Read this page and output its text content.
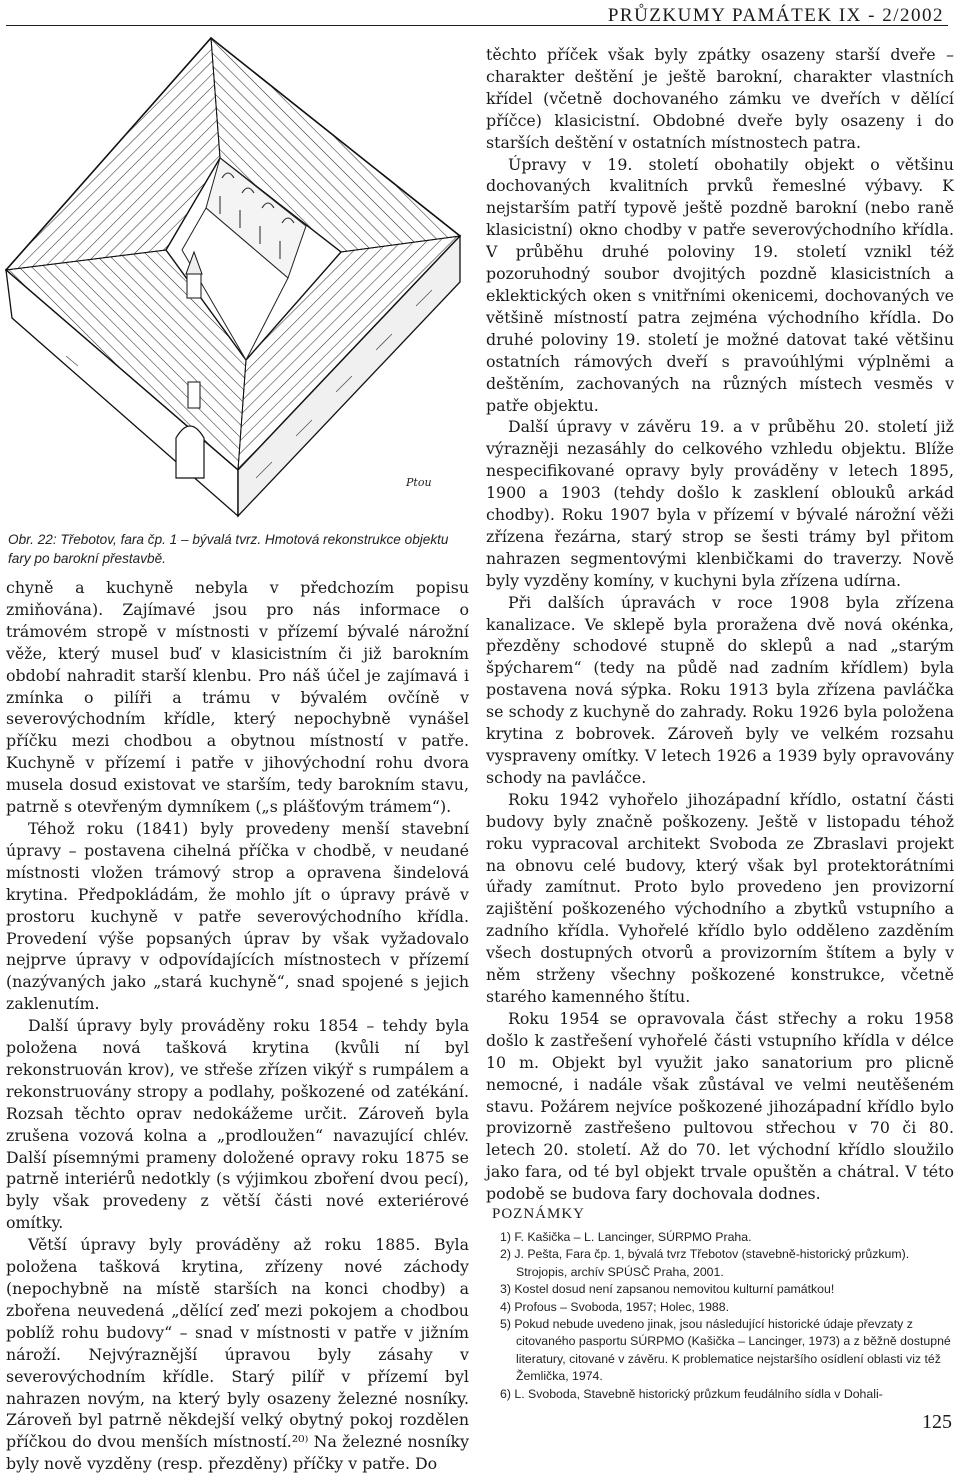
PRŮZKUMY PAMÁTEK IX - 2/2002
Ptou
Obr. 22: Třebotov, fara čp. 1 – bývalá tvrz. Hmotová rekonstrukce objektu fary po barokní přestavbě.

chyně a kuchyně nebyla v předchozím popisu zmiňována). Zajímavé jsou pro nás informace o trámovém stropě v místnosti v přízemí bývalé nárožní věže, který musel buď v klasicistním či již barokním období nahradit starší klenbu. Pro náš účel je zajímavá i zmínka o pilíři a trámu v bývalém ovčíně v severovýchodním křídle, který nepochybně vynášel příčku mezi chodbou a obytnou místností v patře. Kuchyně v přízemí i patře v jihovýchodní rohu dvora musela dosud existovat ve starším, tedy barokním stavu, patrně s otevřeným dymníkem („s plášťovým trámem“).

Téhož roku (1841) byly provedeny menší stavební úpravy – postavena cihelná příčka v chodbě, v neudané místnosti vložen trámový strop a opravena šindelová krytina. Předpokládám, že mohlo jít o úpravy právě v prostoru kuchyně v patře severovýchodního křídla. Provedení výše popsaných úprav by však vyžadovalo nejprve úpravy v odpovídajících místnostech v přízemí (nazývaných jako „stará kuchyně“, snad spojené s jejich zaklenutím.

Další úpravy byly prováděny roku 1854 – tehdy byla položena nová tašková krytina (kvůli ní byl rekonstruován krov), ve střeše zřízen vikýř s rumpálem a rekonstruovány stropy a podlahy, poškozené od zatékání. Rozsah těchto oprav nedokážeme určit. Zároveň byla zrušena vozová kolna a „prodloužen“ navazující chlév. Další písemnými prameny doložené opravy roku 1875 se patrně interiérů nedotkly (s výjimkou zboření dvou pecí), byly však provedeny z větší části nové exteriérové omítky.

Větší úpravy byly prováděny až roku 1885. Byla položena tašková krytina, zřízeny nové záchody (nepochybně na místě starších na konci chodby) a zbořena neuvedená „dělící zeď mezi pokojem a chodbou poblíž rohu budovy“ – snad v místnosti v patře v jižním nároží. Nejvýraznější úpravou byly zásahy v severovýchodním křídle. Starý pilíř v přízemí byl nahrazen novým, na který byly osazeny železné nosníky. Zároveň byl patrně někdejší velký obytný pokoj rozdělen příčkou do dvou menších místností.²⁰⁾ Na železné nosníky byly nově vyzděny (resp. přezděny) příčky v patře. Do

těchto příček však byly zpátky osazeny starší dveře – charakter deštění je ještě barokní, charakter vlastních křídel (včetně dochovaného zámku ve dveřích v dělící příčce) klasicistní. Obdobné dveře byly osazeny i do starších deštění v ostatních místnostech patra.

Úpravy v 19. století obohatily objekt o většinu dochovaných kvalitních prvků řemeslné výbavy. K nejstarším patří typově ještě pozdně barokní (nebo raně klasicistní) okno chodby v patře severovýchodního křídla. V průběhu druhé poloviny 19. století vznikl též pozoruhodný soubor dvojitých pozdně klasicistních a eklektických oken s vnitřními okenicemi, dochovaných ve většině místností patra zejména východního křídla. Do druhé poloviny 19. století je možné datovat také většinu ostatních rámových dveří s pravoúhlými výplněmi a deštěním, zachovaných na různých místech vesměs v patře objektu.

Další úpravy v závěru 19. a v průběhu 20. století již výrazněji nezasáhly do celkového vzhledu objektu. Blíže nespecifikované opravy byly prováděny v letech 1895, 1900 a 1903 (tehdy došlo k zasklení oblouků arkád chodby). Roku 1907 byla v přízemí v bývalé nárožní věži zřízena řezárna, starý strop se šesti trámy byl přitom nahrazen segmentovými klenbičkami do traverzy. Nově byly vyzděny komíny, v kuchyni byla zřízena udírna.

Při dalších úpravách v roce 1908 byla zřízena kanalizace. Ve sklepě byla proražena dvě nová okénka, přezděny schodové stupně do sklepů a nad „starým špýcharem“ (tedy na půdě nad zadním křídlem) byla postavena nová sýpka. Roku 1913 byla zřízena pavláčka se schody z kuchyně do zahrady. Roku 1926 byla položena krytina z bobrovek. Zároveň byly ve velkém rozsahu vyspraveny omítky. V letech 1926 a 1939 byly opravovány schody na pavláčce.

Roku 1942 vyhořelo jihozápadní křídlo, ostatní části budovy byly značně poškozeny. Ještě v listopadu téhož roku vypracoval architekt Svoboda ze Zbraslavi projekt na obnovu celé budovy, který však byl protektorátními úřady zamítnut. Proto bylo provedeno jen provizorní zajištění poškozeného východního a zbytků vstupního a zadního křídla. Vyhořelé křídlo bylo odděleno zazděním všech dostupných otvorů a provizorním štítem a byly v něm strženy všechny poškozené konstrukce, včetně starého kamenného štítu.

Roku 1954 se opravovala část střechy a roku 1958 došlo k zastřešení vyhořelé části vstupního křídla v délce 10 m. Objekt byl využit jako sanatorium pro plicně nemocné, i nadále však zůstával ve velmi neutěšeném stavu. Požárem nejvíce poškozené jihozápadní křídlo bylo provizorně zastřešeno pultovou střechou v 70 či 80. letech 20. století. Až do 70. let východní křídlo sloužilo jako fara, od té byl objekt trvale opuštěn a chátral. V této podobě se budova fary dochovala dodnes.

POZNÁMKY
1) F. Kašička – L. Lancinger, SÚRPMO Praha.
2) J. Pešta, Fara čp. 1, bývalá tvrz Třebotov (stavebně-historický průzkum). Strojopis, archív SPÚSČ Praha, 2001.
3) Kostel dosud není zapsanou nemovitou kulturní památkou!
4) Profous – Svoboda, 1957; Holec, 1988.
5) Pokud nebude uvedeno jinak, jsou následující historické údaje převzaty z citovaného pasportu SÚRPMO (Kašička – Lancinger, 1973) a z běžně dostupné literatury, citované v závěru. K problematice nejstaršího osídlení oblasti viz též Žemlička, 1974.
6) L. Svoboda, Stavebně historický průzkum feudálního sídla v Dohali-
125
